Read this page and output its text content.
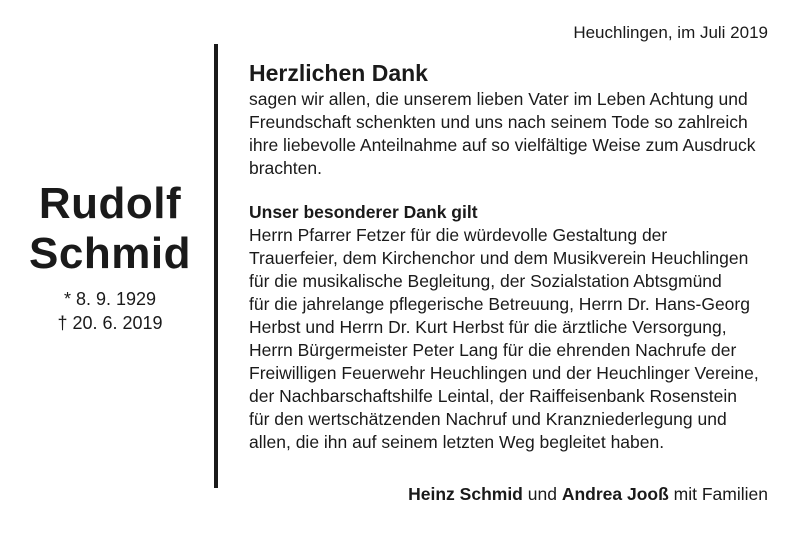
Rudolf
Schmid
* 8. 9. 1929
† 20. 6. 2019
Heuchlingen, im Juli 2019
Herzlichen Dank

sagen wir allen, die unserem lieben Vater im Leben Achtung und
Freundschaft schenkten und uns nach seinem Tode so zahlreich
ihre liebevolle Anteilnahme auf so vielfältige Weise zum Ausdruck
brachten.

Unser besonderer Dank gilt

Herrn Pfarrer Fetzer für die würdevolle Gestaltung der
Trauerfeier, dem Kirchenchor und dem Musikverein Heuchlingen
für die musikalische Begleitung, der Sozialstation Abtsgmünd
für die jahrelange pflegerische Betreuung, Herrn Dr. Hans-Georg
Herbst und Herrn Dr. Kurt Herbst für die ärztliche Versorgung,
Herrn Bürgermeister Peter Lang für die ehrenden Nachrufe der
Freiwilligen Feuerwehr Heuchlingen und der Heuchlinger Vereine,
der Nachbarschaftshilfe Leintal, der Raiffeisenbank Rosenstein
für den wertschätzenden Nachruf und Kranzniederlegung und
allen, die ihn auf seinem letzten Weg begleitet haben.

Heinz Schmid und Andrea Jooß mit Familien
